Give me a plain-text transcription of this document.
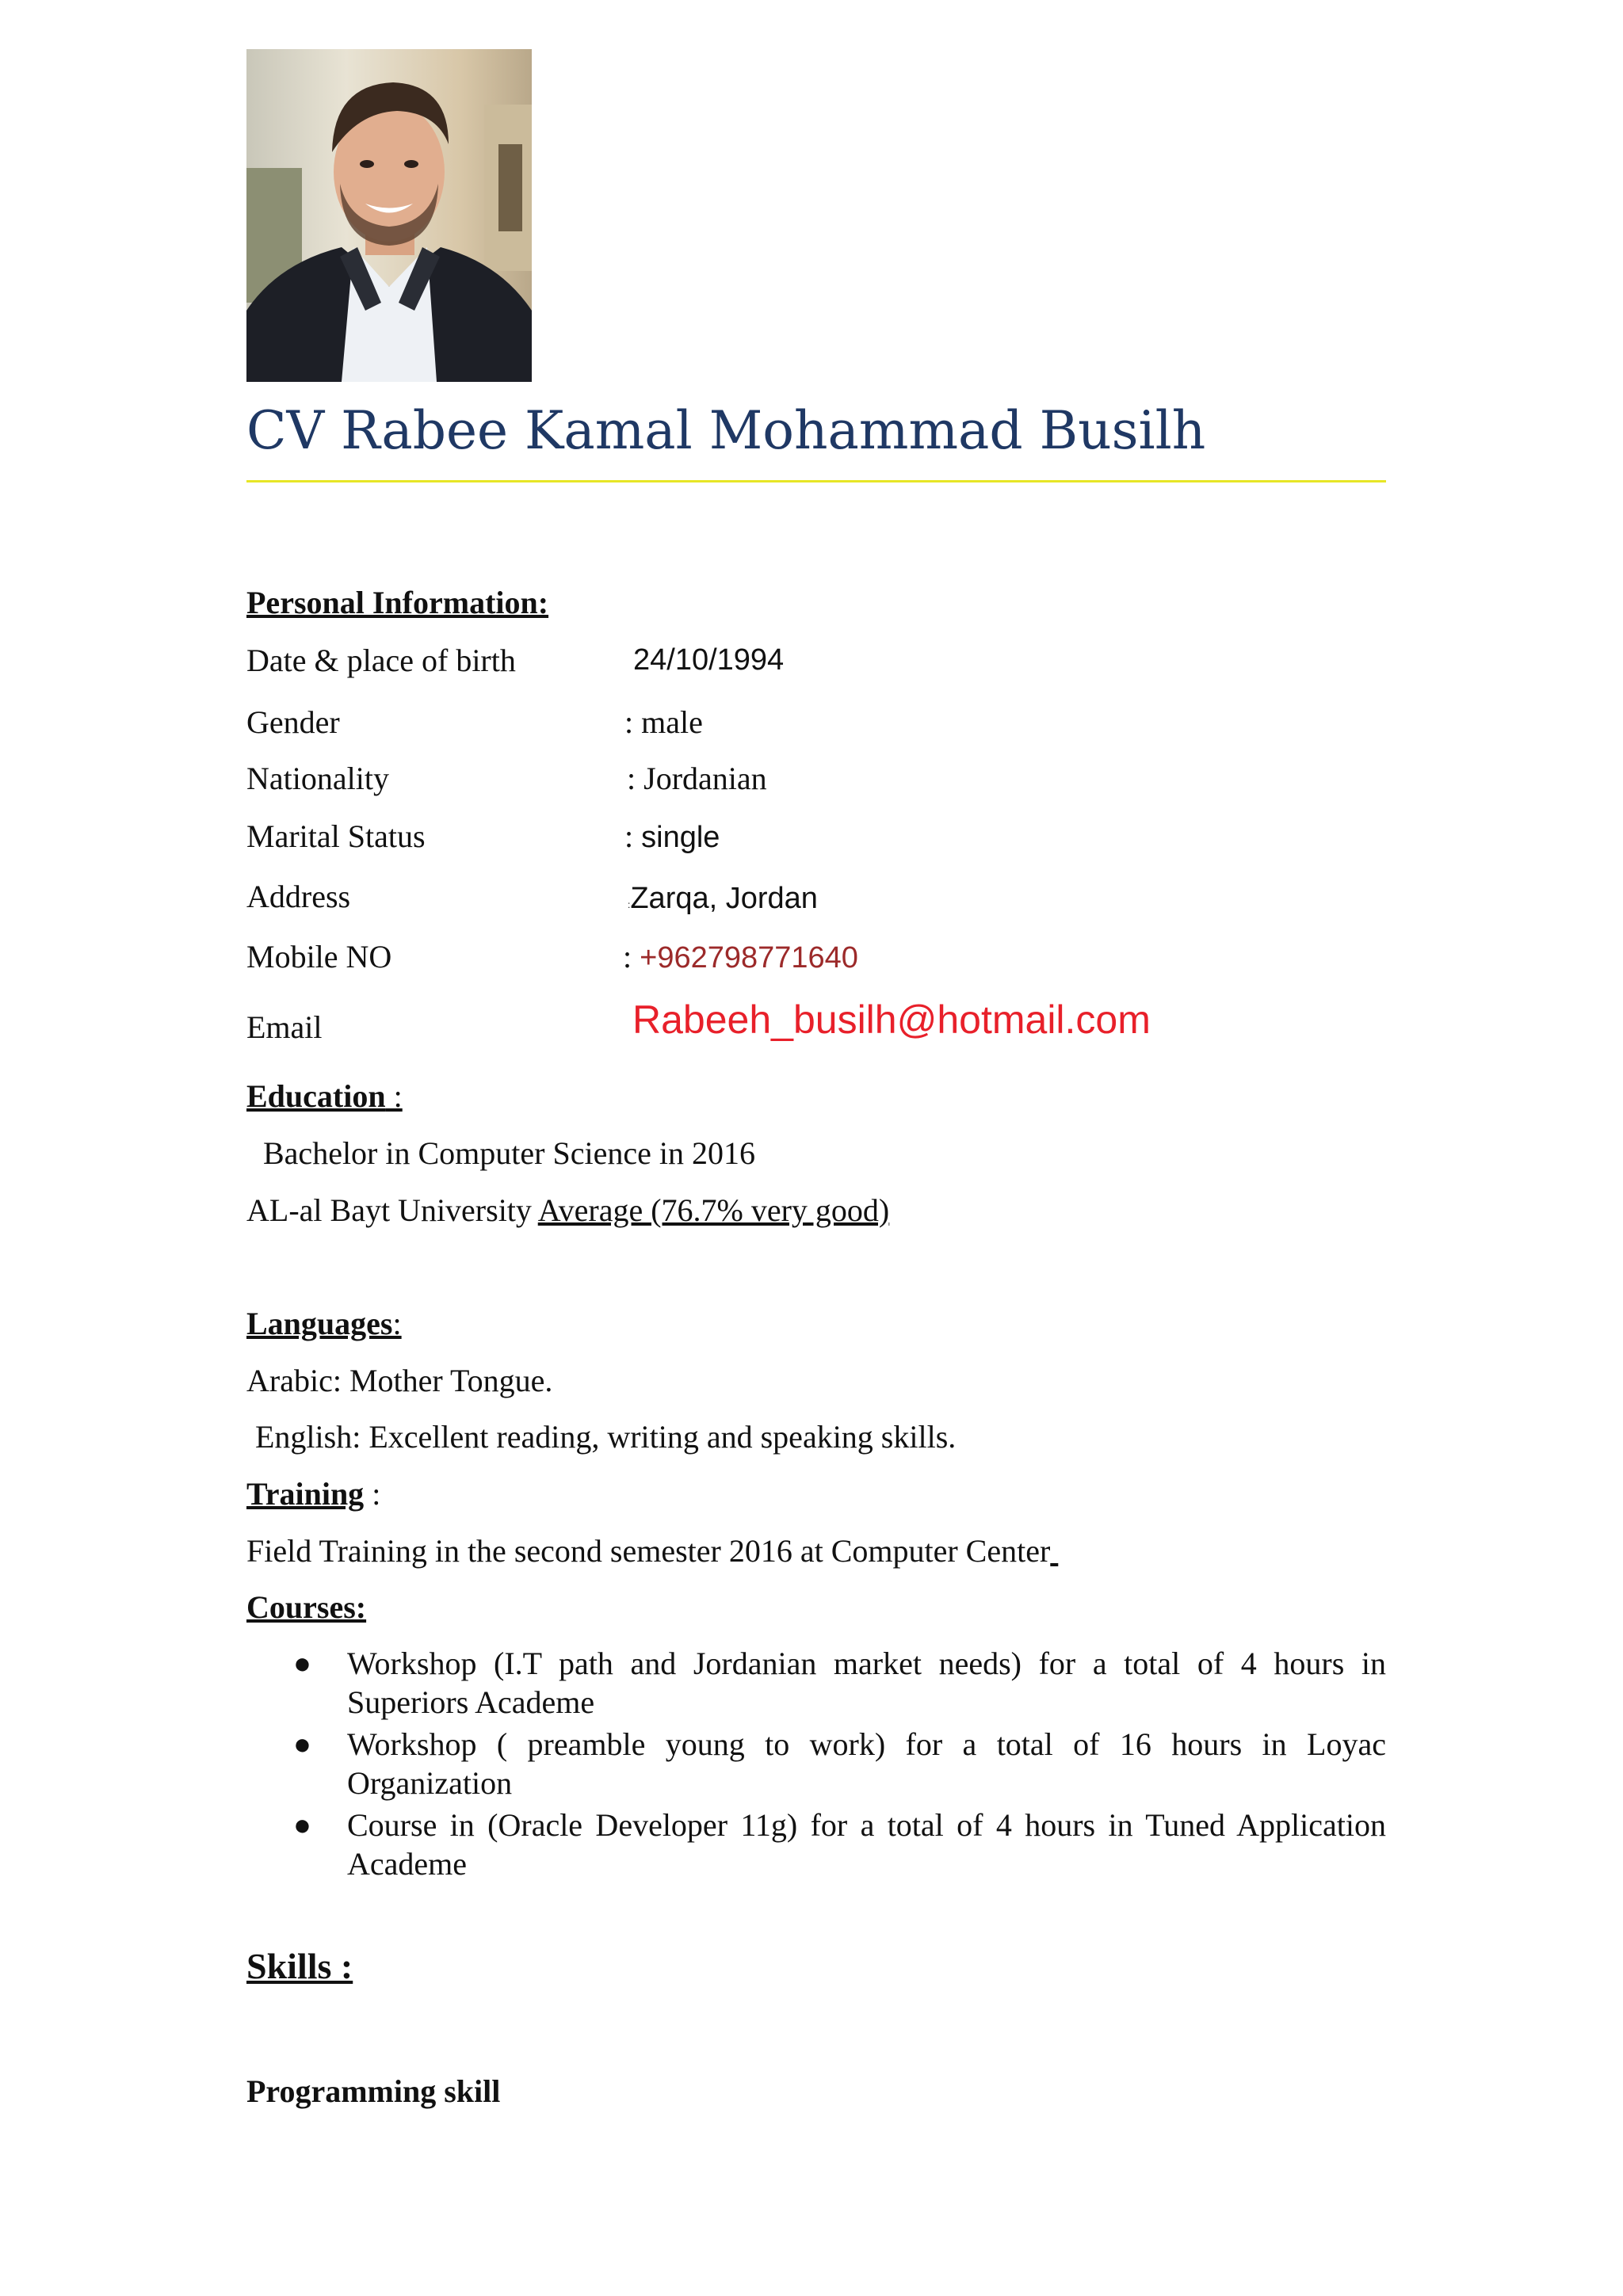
CV Rabee Kamal Mohammad Busilh
Personal Information:
Date & place of birth	24/10/1994
Gender	: male
Nationality	: Jordanian
Marital Status	: single
Address	:Zarqa, Jordan
Mobile NO	: +962798771640
Email	Rabeeh_busilh@hotmail.com
Education :
Bachelor in Computer Science in 2016
AL-al Bayt University Average (76.7% very good)
Languages:
Arabic: Mother Tongue.
English: Excellent reading, writing and speaking skills.
Training :
Field Training in the second semester 2016 at Computer Center
Courses:
● Workshop (I.T path and Jordanian market needs) for a total of 4 hours in
Superiors Academe
● Workshop ( preamble young to work) for a total of 16 hours in Loyac
Organization
● Course in (Oracle Developer 11g) for a total of 4 hours in Tuned Application
Academe
Skills :
Programming skill
